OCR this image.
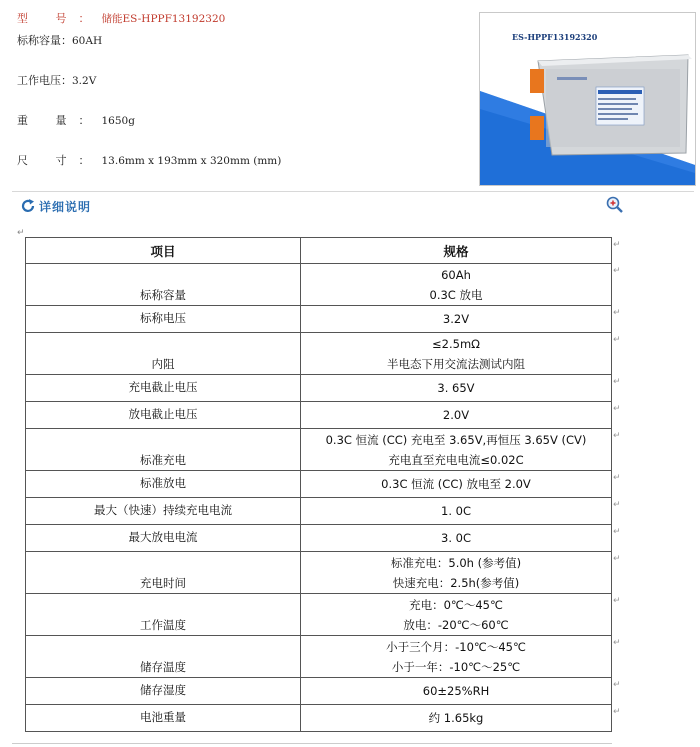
型 号：储能ES-HPPF13192320
标称容量：60AH
工作电压：3.2V
重 量：1650g
尺 寸：13.6mm x 193mm x 320mm (mm)
ES-HPPF13192320
详细说明
↵
项目	规格
标称容量	60Ah
0.3C 放电

标称电压	3.2V

内阻	≤2.5mΩ
半电态下用交流法测试内阻

充电截止电压	3. 65V

放电截止电压	2.0V

标准充电	0.3C 恒流 (CC) 充电至 3.65V,再恒压 3.65V (CV)
充电直至充电电流≤0.02C

标准放电	0.3C 恒流 (CC) 放电至 2.0V

最大（快速）持续充电电流	1. 0C

最大放电电流	3. 0C

充电时间	标准充电：5.0h (参考值)
快速充电：2.5h(参考值)

工作温度	充电：0℃～45℃
放电：-20℃～60℃

储存温度	小于三个月：-10℃～45℃
小于一年：-10℃～25℃

储存湿度	60±25%RH

电池重量	约 1.65kg
↵
↵
↵
↵
↵
↵
↵
↵
↵
↵
↵
↵
↵
↵
↵
